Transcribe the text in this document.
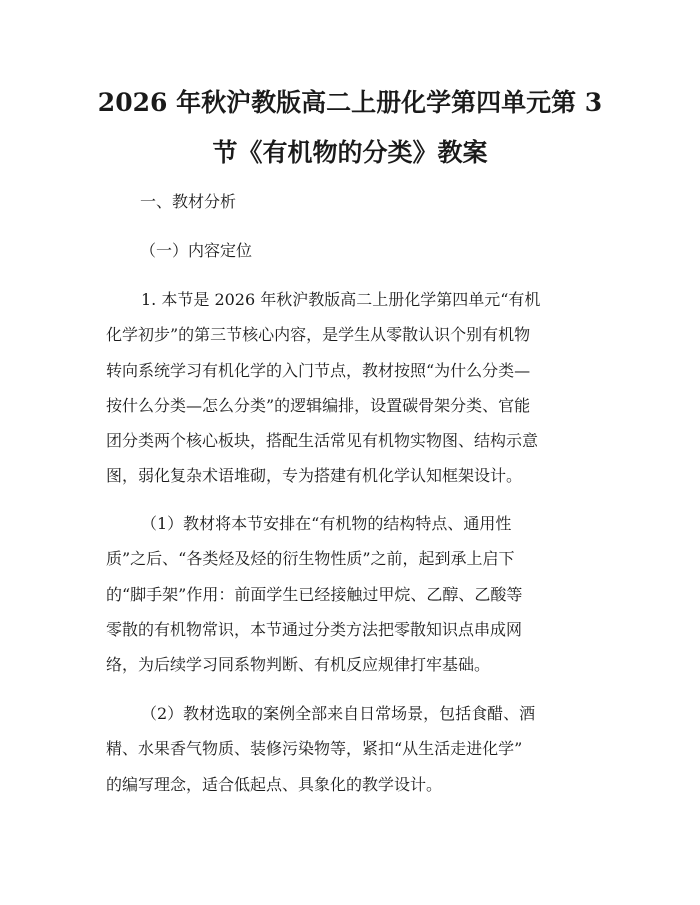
2026 年秋沪教版高二上册化学第四单元第 3
节《有机物的分类》教案

一、教材分析

（一）内容定位

1. 本节是 2026 年秋沪教版高二上册化学第四单元“有机
化学初步”的第三节核心内容，是学生从零散认识个别有机物
转向系统学习有机化学的入门节点，教材按照“为什么分类—
按什么分类—怎么分类”的逻辑编排，设置碳骨架分类、官能
团分类两个核心板块，搭配生活常见有机物实物图、结构示意
图，弱化复杂术语堆砌，专为搭建有机化学认知框架设计。
（1）教材将本节安排在“有机物的结构特点、通用性
质”之后、“各类烃及烃的衍生物性质”之前，起到承上启下
的“脚手架”作用：前面学生已经接触过甲烷、乙醇、乙酸等
零散的有机物常识，本节通过分类方法把零散知识点串成网
络，为后续学习同系物判断、有机反应规律打牢基础。
（2）教材选取的案例全部来自日常场景，包括食醋、酒
精、水果香气物质、装修污染物等，紧扣“从生活走进化学”
的编写理念，适合低起点、具象化的教学设计。
